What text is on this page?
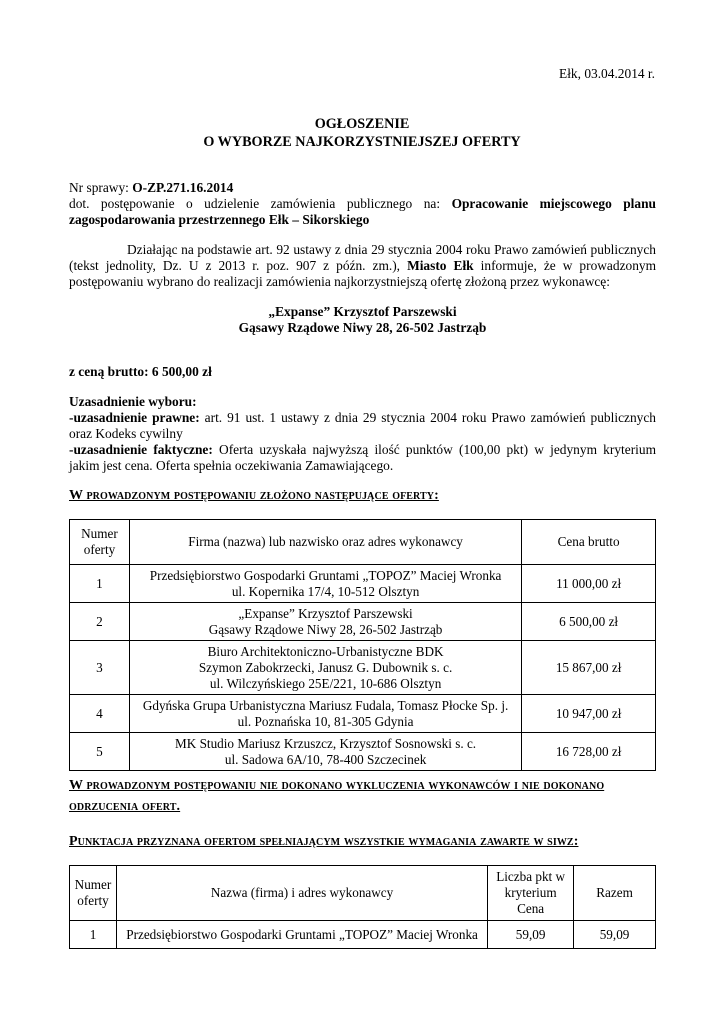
Ełk, 03.04.2014 r.
OGŁOSZENIE
O WYBORZE NAJKORZYSTNIEJSZEJ OFERTY
Nr sprawy: O-ZP.271.16.2014
dot. postępowanie o udzielenie zamówienia publicznego na: Opracowanie miejscowego planu
zagospodarowania przestrzennego Ełk – Sikorskiego
Działając na podstawie art. 92 ustawy z dnia 29 stycznia 2004 roku Prawo zamówień publicznych
(tekst jednolity, Dz. U z 2013 r. poz. 907 z późn. zm.), Miasto Ełk informuje, że w prowadzonym
postępowaniu wybrano do realizacji zamówienia najkorzystniejszą ofertę złożoną przez wykonawcę:
„Expanse” Krzysztof Parszewski
Gąsawy Rządowe Niwy 28, 26-502 Jastrząb
z ceną brutto: 6 500,00 zł
Uzasadnienie wyboru:
-uzasadnienie prawne: art. 91 ust. 1 ustawy z dnia 29 stycznia 2004 roku Prawo zamówień publicznych
oraz Kodeks cywilny
-uzasadnienie faktyczne: Oferta uzyskała najwyższą ilość punktów (100,00 pkt) w jedynym kryterium
jakim jest cena. Oferta spełnia oczekiwania Zamawiającego.
W prowadzonym postępowaniu złożono następujące oferty:
Numer oferty	Firma (nazwa) lub nazwisko oraz adres wykonawcy	Cena brutto
1	Przedsiębiorstwo Gospodarki Gruntami „TOPOZ” Maciej Wronka
ul. Kopernika 17/4, 10-512 Olsztyn	11 000,00 zł
2	„Expanse” Krzysztof Parszewski
Gąsawy Rządowe Niwy 28, 26-502 Jastrząb	6 500,00 zł
3	Biuro Architektoniczno-Urbanistyczne BDK
Szymon Zabokrzecki, Janusz G. Dubownik s. c.
ul. Wilczyńskiego 25E/221, 10-686 Olsztyn	15 867,00 zł
4	Gdyńska Grupa Urbanistyczna Mariusz Fudala, Tomasz Płocke Sp. j.
ul. Poznańska 10, 81-305 Gdynia	10 947,00 zł
5	MK Studio Mariusz Krzuszcz, Krzysztof Sosnowski s. c.
ul. Sadowa 6A/10, 78-400 Szczecinek	16 728,00 zł
W prowadzonym postępowaniu nie dokonano wykluczenia wykonawców i nie dokonano
odrzucenia ofert.
Punktacja przyznana ofertom spełniającym wszystkie wymagania zawarte w siwz:
Numer oferty	Nazwa (firma) i adres wykonawcy	Liczba pkt w kryterium Cena	Razem
1	Przedsiębiorstwo Gospodarki Gruntami „TOPOZ” Maciej Wronka	59,09	59,09
